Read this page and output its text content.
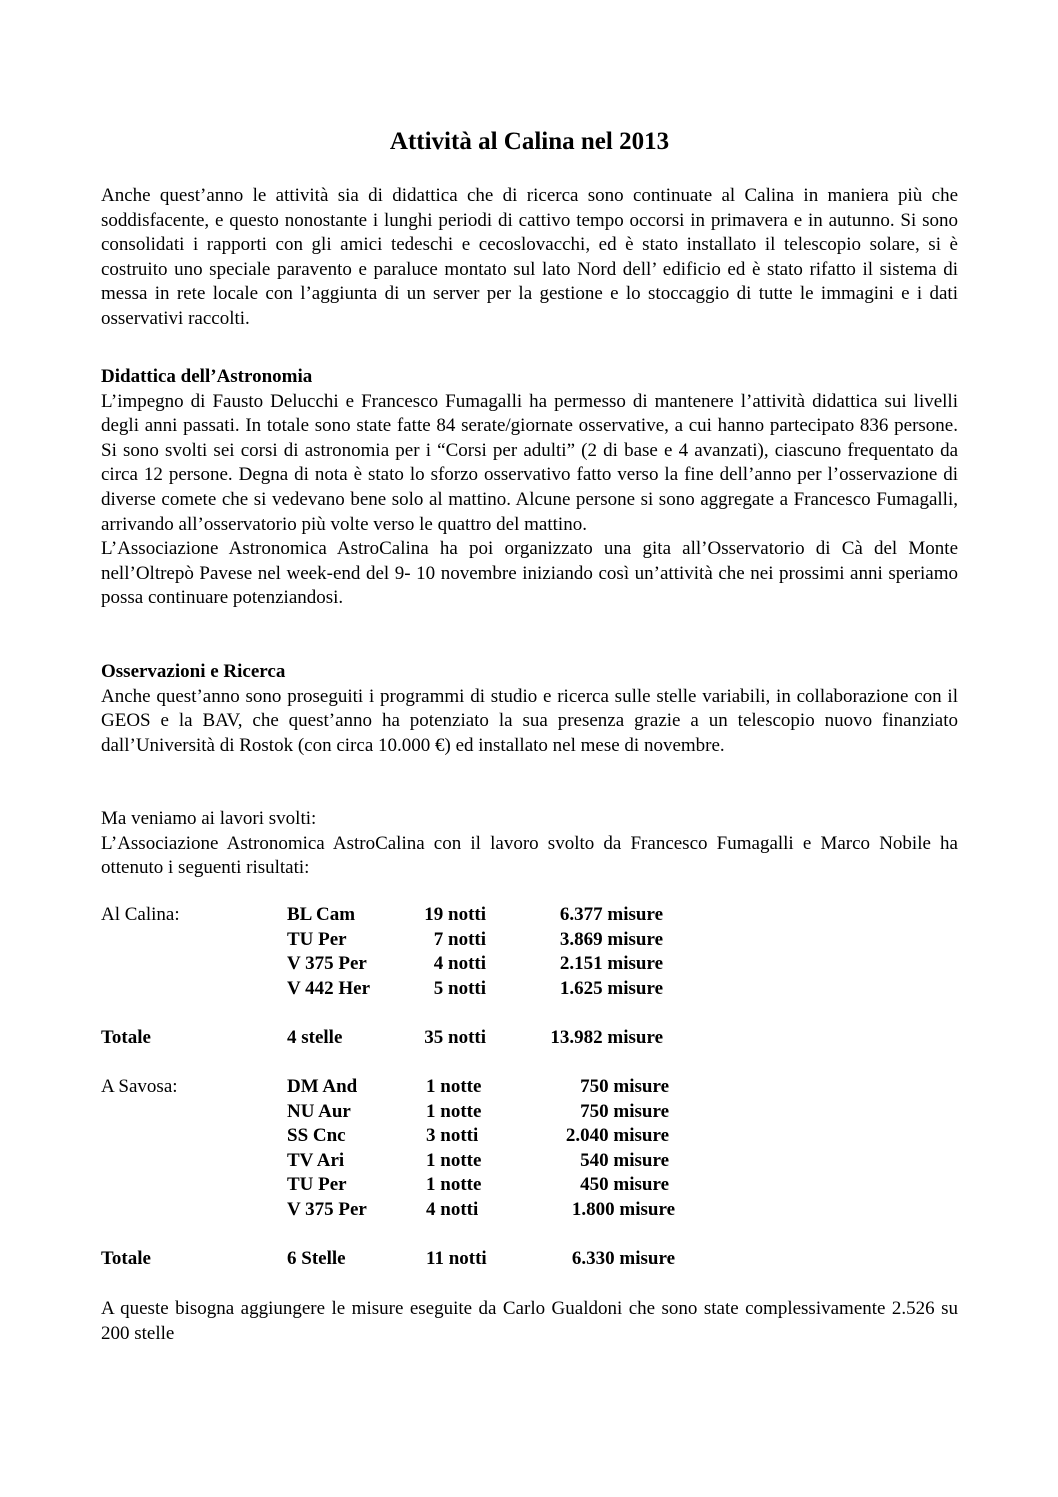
Attività al Calina nel 2013

Anche quest’anno le attività sia di didattica che di ricerca sono continuate al Calina in maniera più che soddisfacente, e questo nonostante i lunghi periodi di cattivo tempo occorsi in primavera e in autunno. Si sono consolidati i rapporti con gli amici tedeschi e cecoslovacchi, ed è stato installato il telescopio solare, si è costruito uno speciale paravento e paraluce montato sul lato Nord dell’ edificio ed è stato rifatto il sistema di messa in rete locale con l’aggiunta di un server per la gestione e lo stoccaggio di tutte le immagini e i dati osservativi raccolti.

Didattica dell’Astronomia
L’impegno di Fausto Delucchi e Francesco Fumagalli ha permesso di mantenere l’attività didattica sui livelli degli anni passati. In totale sono state fatte 84 serate/giornate osservative, a cui hanno partecipato 836 persone. Si sono svolti sei corsi di astronomia per i “Corsi per adulti” (2 di base e 4 avanzati), ciascuno frequentato da circa 12 persone. Degna di nota è stato lo sforzo osservativo fatto verso la fine dell’anno per l’osservazione di diverse comete che si vedevano bene solo al mattino. Alcune persone si sono aggregate a Francesco Fumagalli, arrivando all’osservatorio più volte verso le quattro del mattino.
L’Associazione Astronomica AstroCalina ha poi organizzato una gita all’Osservatorio di Cà del Monte nell’Oltrepò Pavese nel week-end del 9- 10 novembre iniziando così un’attività che nei prossimi anni speriamo possa continuare potenziandosi.
Osservazioni e Ricerca
Anche quest’anno sono proseguiti i programmi di studio e ricerca sulle stelle variabili, in collaborazione con il GEOS e la BAV, che quest’anno ha potenziato la sua presenza grazie a un telescopio nuovo finanziato dall’Università di Rostok (con circa 10.000 €) ed installato nel mese di novembre.
Ma veniamo ai lavori svolti:
L’Associazione Astronomica AstroCalina con il lavoro svolto da Francesco Fumagalli e Marco Nobile ha ottenuto i seguenti risultati:
Al Calina:	BL Cam	19 notti	6.377 misure
TU Per	7 notti	3.869 misure
V 375 Per	4 notti	2.151 misure
V 442 Her	5 notti	1.625 misure
Totale	4 stelle	35 notti	13.982 misure
A Savosa:	DM And	1 notte	750 misure
NU Aur	1 notte	750 misure
SS Cnc	3 notti	2.040 misure
TV Ari	1 notte	540 misure
TU Per	1 notte	450 misure
V 375 Per	4 notti	1.800 misure
Totale	6 Stelle	11 notti	6.330 misure

A queste bisogna aggiungere le misure eseguite da Carlo Gualdoni che sono state complessivamente 2.526 su 200 stelle
